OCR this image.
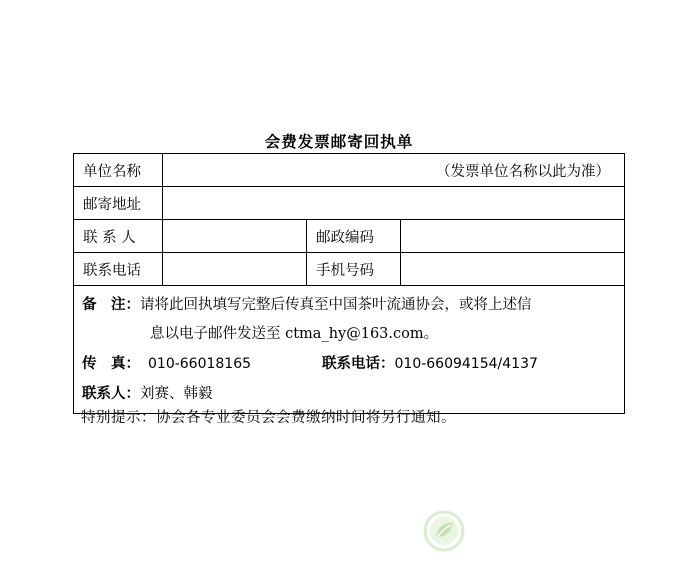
会费发票邮寄回执单
单位名称	（发票单位名称以此为准）		
邮寄地址			
联 系 人		邮政编码	
联系电话		手机号码	

备　注：请将此回执填写完整后传真至中国茶叶流通协会，或将上述信
息以电子邮件发送至 ctma_hy@163.com。
传　真： 010-66018165 联系电话：010-66094154/4137
联系人：刘赛、韩毅			
特别提示：协会各专业委员会会费缴纳时间将另行通知。
